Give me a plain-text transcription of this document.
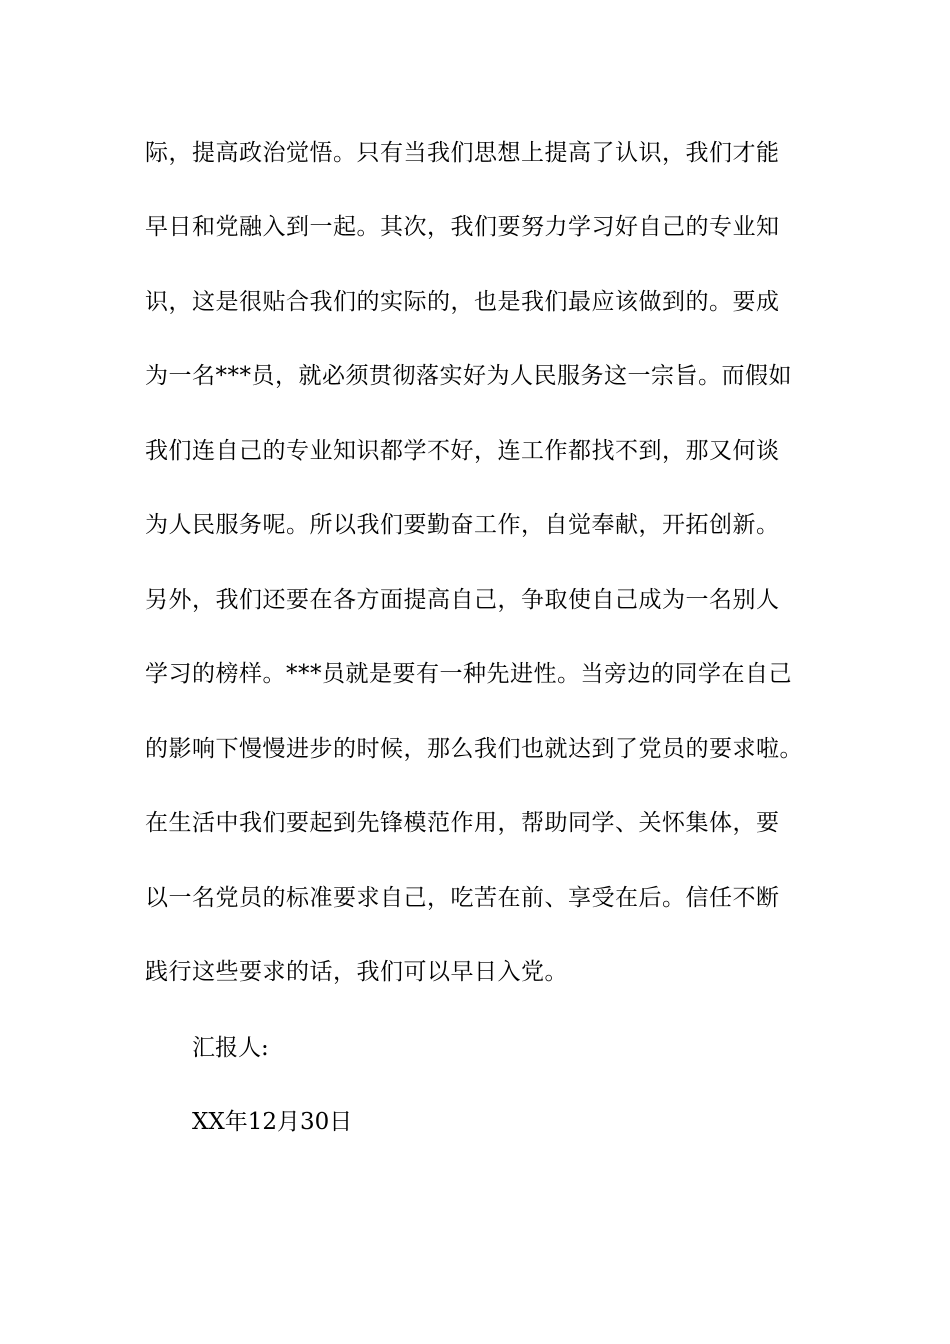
际，提高政治觉悟。只有当我们思想上提高了认识，我们才能
早日和党融入到一起。其次，我们要努力学习好自己的专业知
识，这是很贴合我们的实际的，也是我们最应该做到的。要成
为一名***员，就必须贯彻落实好为人民服务这一宗旨。而假如
我们连自己的专业知识都学不好，连工作都找不到，那又何谈
为人民服务呢。所以我们要勤奋工作，自觉奉献，开拓创新。
另外，我们还要在各方面提高自己，争取使自己成为一名别人
学习的榜样。***员就是要有一种先进性。当旁边的同学在自己
的影响下慢慢进步的时候，那么我们也就达到了党员的要求啦。
在生活中我们要起到先锋模范作用，帮助同学、关怀集体，要
以一名党员的标准要求自己，吃苦在前、享受在后。信任不断
践行这些要求的话，我们可以早日入党。
汇报人:
XX年12月30日
